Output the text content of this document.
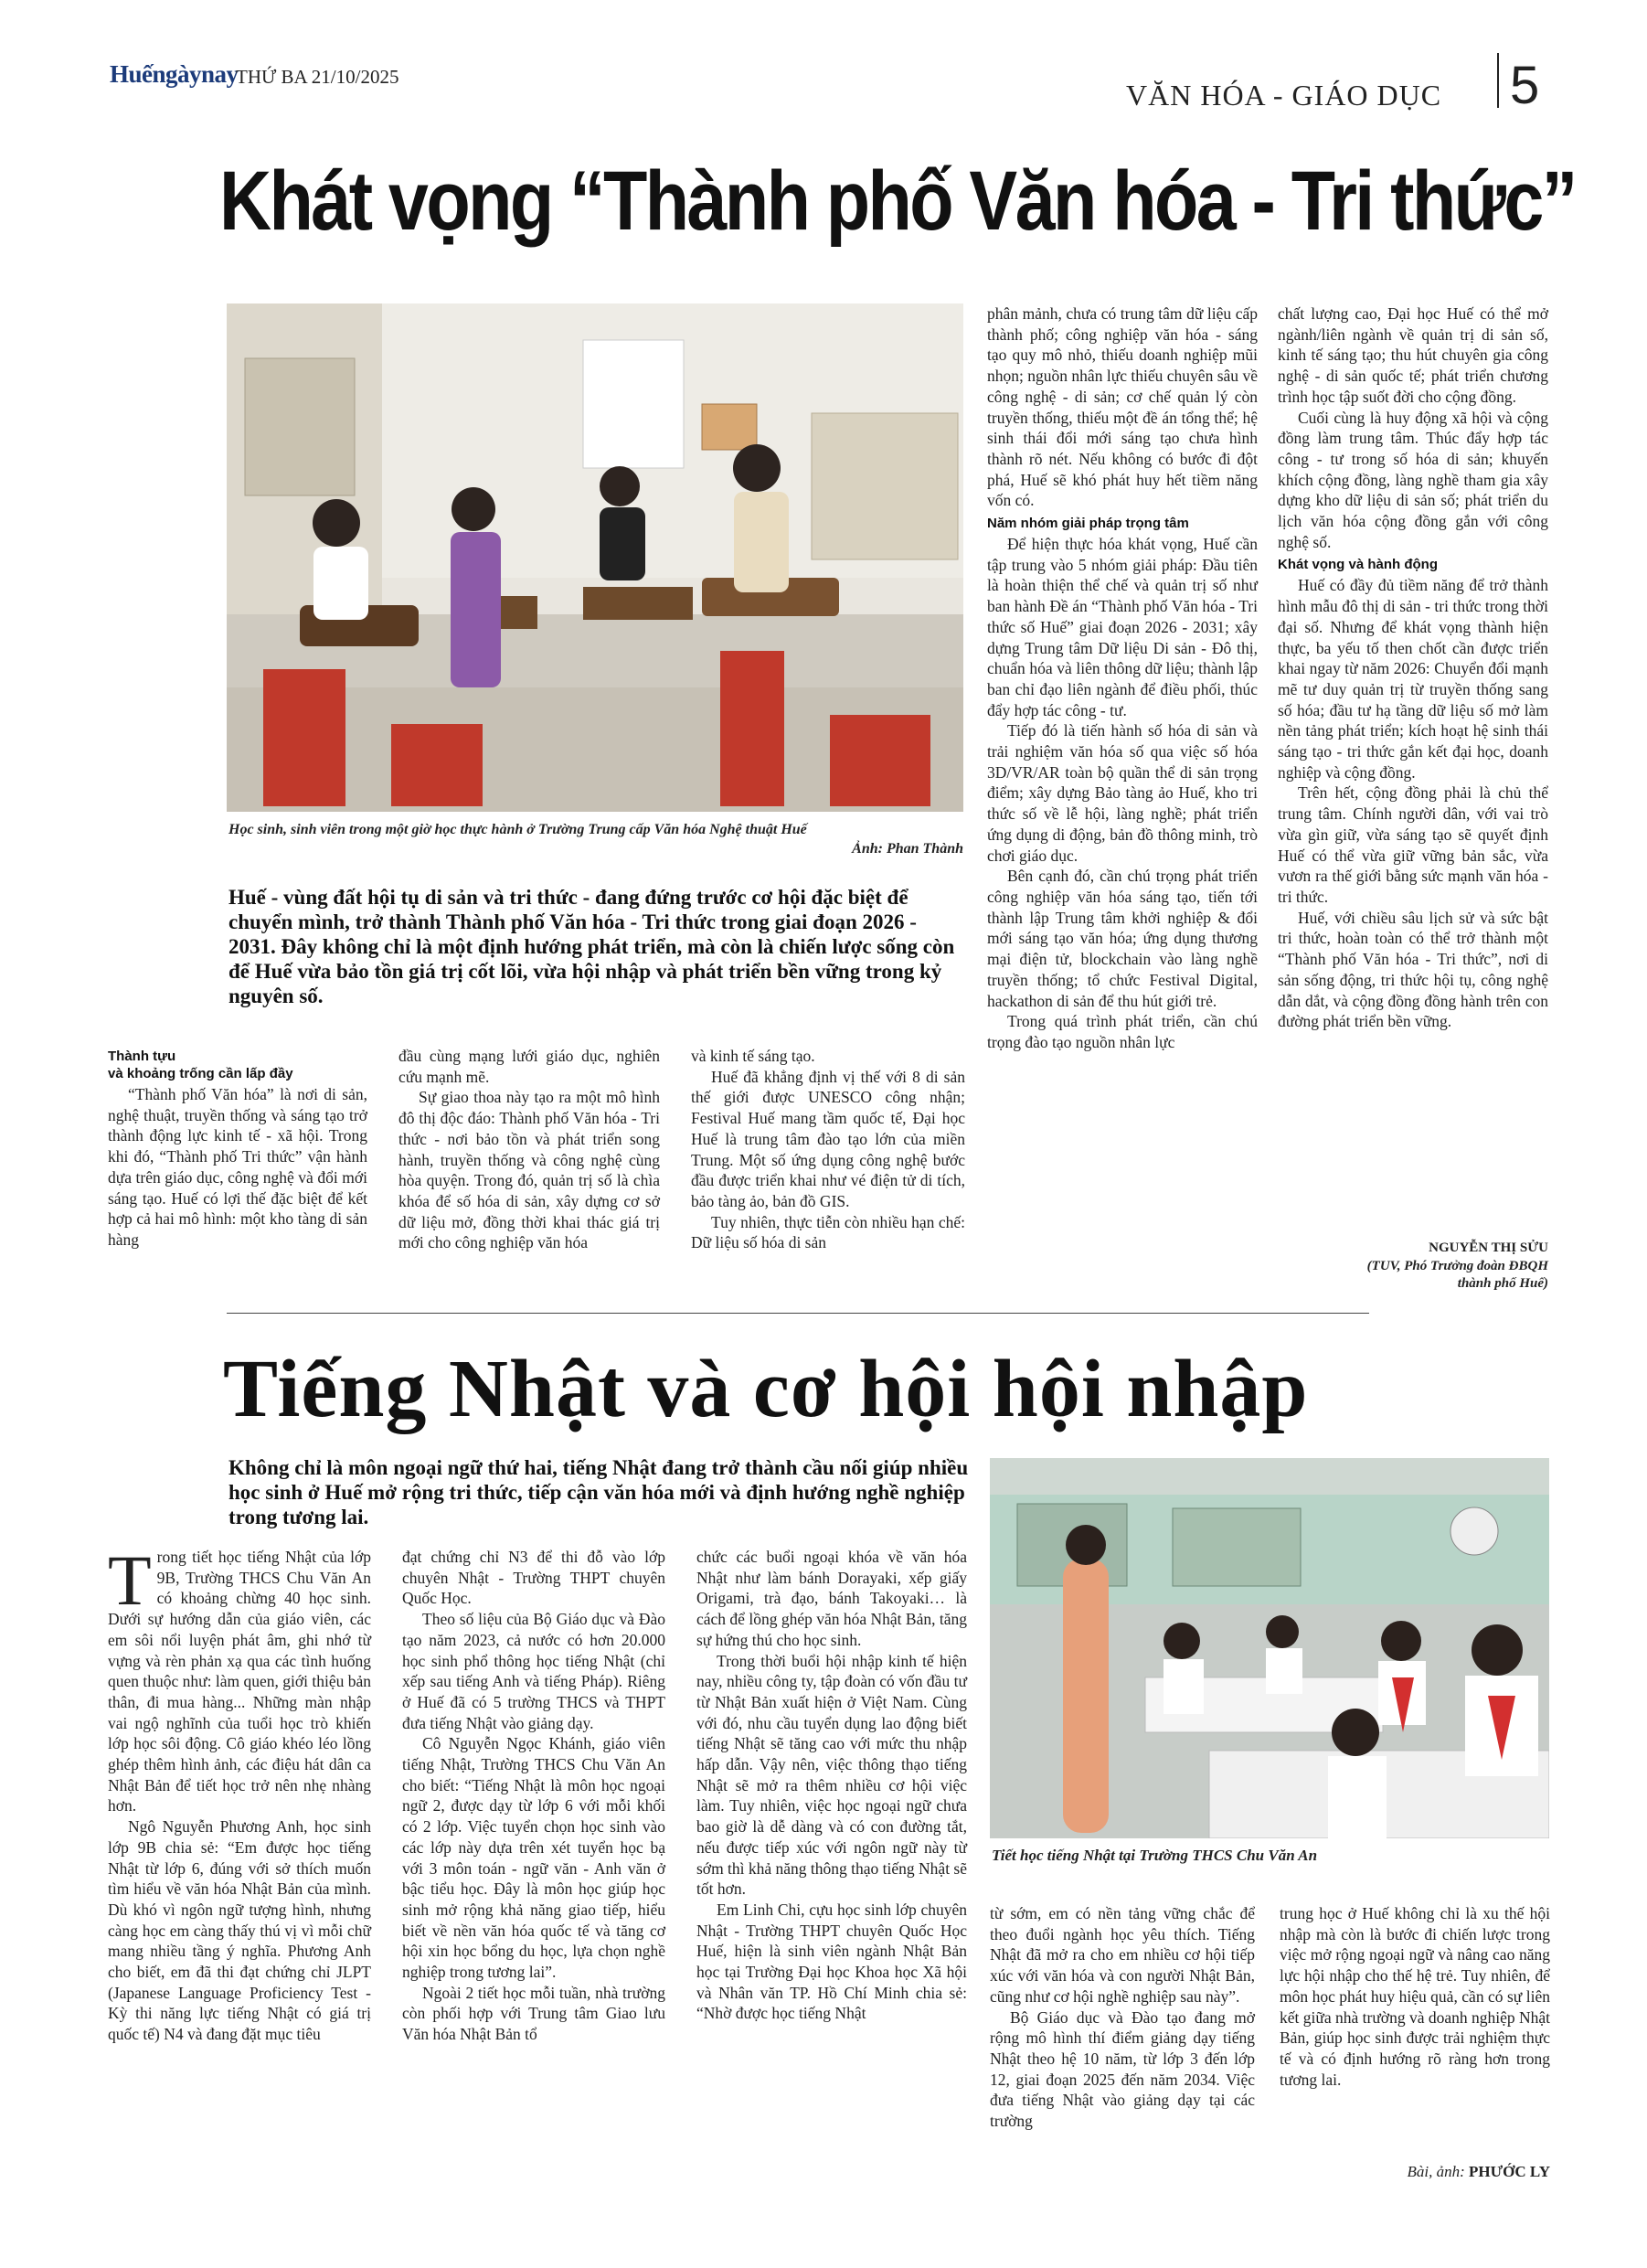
Huếngàynay
THỨ BA 21/10/2025
VĂN HÓA - GIÁO DỤC 5
Khát vọng “Thành phố Văn hóa - Tri thức”
Học sinh, sinh viên trong một giờ học thực hành ở Trường Trung cấp Văn hóa Nghệ thuật Huế
Ảnh: Phan Thành
Huế - vùng đất hội tụ di sản và tri thức - đang đứng trước cơ hội đặc biệt để chuyển mình, trở thành Thành phố Văn hóa - Tri thức trong giai đoạn 2026 - 2031. Đây không chỉ là một định hướng phát triển, mà còn là chiến lược sống còn để Huế vừa bảo tồn giá trị cốt lõi, vừa hội nhập và phát triển bền vững trong kỷ nguyên số.
Thành tựu
và khoảng trống cần lấp đầy

“Thành phố Văn hóa” là nơi di sản, nghệ thuật, truyền thống và sáng tạo trở thành động lực kinh tế - xã hội. Trong khi đó, “Thành phố Tri thức” vận hành dựa trên giáo dục, công nghệ và đổi mới sáng tạo. Huế có lợi thế đặc biệt để kết hợp cả hai mô hình: một kho tàng di sản hàng

đầu cùng mạng lưới giáo dục, nghiên cứu mạnh mẽ.

Sự giao thoa này tạo ra một mô hình đô thị độc đáo: Thành phố Văn hóa - Tri thức - nơi bảo tồn và phát triển song hành, truyền thống và công nghệ cùng hòa quyện. Trong đó, quản trị số là chìa khóa để số hóa di sản, xây dựng cơ sở dữ liệu mở, đồng thời khai thác giá trị mới cho công nghiệp văn hóa

và kinh tế sáng tạo.

Huế đã khẳng định vị thế với 8 di sản thế giới được UNESCO công nhận; Festival Huế mang tầm quốc tế, Đại học Huế là trung tâm đào tạo lớn của miền Trung. Một số ứng dụng công nghệ bước đầu được triển khai như vé điện tử di tích, bảo tàng ảo, bản đồ GIS.

Tuy nhiên, thực tiễn còn nhiều hạn chế: Dữ liệu số hóa di sản

phân mảnh, chưa có trung tâm dữ liệu cấp thành phố; công nghiệp văn hóa - sáng tạo quy mô nhỏ, thiếu doanh nghiệp mũi nhọn; nguồn nhân lực thiếu chuyên sâu về công nghệ - di sản; cơ chế quản lý còn truyền thống, thiếu một đề án tổng thể; hệ sinh thái đổi mới sáng tạo chưa hình thành rõ nét. Nếu không có bước đi đột phá, Huế sẽ khó phát huy hết tiềm năng vốn có.

Năm nhóm giải pháp trọng tâm

Để hiện thực hóa khát vọng, Huế cần tập trung vào 5 nhóm giải pháp: Đầu tiên là hoàn thiện thể chế và quản trị số như ban hành Đề án “Thành phố Văn hóa - Tri thức số Huế” giai đoạn 2026 - 2031; xây dựng Trung tâm Dữ liệu Di sản - Đô thị, chuẩn hóa và liên thông dữ liệu; thành lập ban chỉ đạo liên ngành để điều phối, thúc đẩy hợp tác công - tư.

Tiếp đó là tiến hành số hóa di sản và trải nghiệm văn hóa số qua việc số hóa 3D/VR/AR toàn bộ quần thể di sản trọng điểm; xây dựng Bảo tàng ảo Huế, kho tri thức số về lễ hội, làng nghề; phát triển ứng dụng di động, bản đồ thông minh, trò chơi giáo dục.

Bên cạnh đó, cần chú trọng phát triển công nghiệp văn hóa sáng tạo, tiến tới thành lập Trung tâm khởi nghiệp & đổi mới sáng tạo văn hóa; ứng dụng thương mại điện tử, blockchain vào làng nghề truyền thống; tổ chức Festival Digital, hackathon di sản để thu hút giới trẻ.

Trong quá trình phát triển, cần chú trọng đào tạo nguồn nhân lực

chất lượng cao, Đại học Huế có thể mở ngành/liên ngành về quản trị di sản số, kinh tế sáng tạo; thu hút chuyên gia công nghệ - di sản quốc tế; phát triển chương trình học tập suốt đời cho cộng đồng.

Cuối cùng là huy động xã hội và cộng đồng làm trung tâm. Thúc đẩy hợp tác công - tư trong số hóa di sản; khuyến khích cộng đồng, làng nghề tham gia xây dựng kho dữ liệu di sản số; phát triển du lịch văn hóa cộng đồng gắn với công nghệ số.

Khát vọng và hành động

Huế có đầy đủ tiềm năng để trở thành hình mẫu đô thị di sản - tri thức trong thời đại số. Nhưng để khát vọng thành hiện thực, ba yếu tố then chốt cần được triển khai ngay từ năm 2026: Chuyển đổi mạnh mẽ tư duy quản trị từ truyền thống sang số hóa; đầu tư hạ tầng dữ liệu số mở làm nền tảng phát triển; kích hoạt hệ sinh thái sáng tạo - tri thức gắn kết đại học, doanh nghiệp và cộng đồng.

Trên hết, cộng đồng phải là chủ thể trung tâm. Chính người dân, với vai trò vừa gìn giữ, vừa sáng tạo sẽ quyết định Huế có thể vừa giữ vững bản sắc, vừa vươn ra thế giới bằng sức mạnh văn hóa - tri thức.

Huế, với chiều sâu lịch sử và sức bật tri thức, hoàn toàn có thể trở thành một “Thành phố Văn hóa - Tri thức”, nơi di sản sống động, tri thức hội tụ, công nghệ dẫn dắt, và cộng đồng đồng hành trên con đường phát triển bền vững.

NGUYỄN THỊ SỬU
(TUV, Phó Trưởng đoàn ĐBQH thành phố Huế)
Tiếng Nhật và cơ hội hội nhập
Không chỉ là môn ngoại ngữ thứ hai, tiếng Nhật đang trở thành cầu nối giúp nhiều học sinh ở Huế mở rộng tri thức, tiếp cận văn hóa mới và định hướng nghề nghiệp trong tương lai.
Tiết học tiếng Nhật tại Trường THCS Chu Văn An

Trong tiết học tiếng Nhật của lớp 9B, Trường THCS Chu Văn An có khoảng chừng 40 học sinh. Dưới sự hướng dẫn của giáo viên, các em sôi nổi luyện phát âm, ghi nhớ từ vựng và rèn phản xạ qua các tình huống quen thuộc như: làm quen, giới thiệu bản thân, đi mua hàng... Những màn nhập vai ngộ nghĩnh của tuổi học trò khiến lớp học sôi động. Cô giáo khéo léo lồng ghép thêm hình ảnh, các điệu hát dân ca Nhật Bản để tiết học trở nên nhẹ nhàng hơn.

Ngô Nguyễn Phương Anh, học sinh lớp 9B chia sẻ: “Em được học tiếng Nhật từ lớp 6, đúng với sở thích muốn tìm hiểu về văn hóa Nhật Bản của mình. Dù khó vì ngôn ngữ tượng hình, nhưng càng học em càng thấy thú vị vì mỗi chữ mang nhiều tầng ý nghĩa. Phương Anh cho biết, em đã thi đạt chứng chỉ JLPT (Japanese Language Proficiency Test - Kỳ thi năng lực tiếng Nhật có giá trị quốc tế) N4 và đang đặt mục tiêu

đạt chứng chỉ N3 để thi đỗ vào lớp chuyên Nhật - Trường THPT chuyên Quốc Học.

Theo số liệu của Bộ Giáo dục và Đào tạo năm 2023, cả nước có hơn 20.000 học sinh phổ thông học tiếng Nhật (chỉ xếp sau tiếng Anh và tiếng Pháp). Riêng ở Huế đã có 5 trường THCS và THPT đưa tiếng Nhật vào giảng dạy.

Cô Nguyễn Ngọc Khánh, giáo viên tiếng Nhật, Trường THCS Chu Văn An cho biết: “Tiếng Nhật là môn học ngoại ngữ 2, được dạy từ lớp 6 với mỗi khối có 2 lớp. Việc tuyển chọn học sinh vào các lớp này dựa trên xét tuyển học bạ với 3 môn toán - ngữ văn - Anh văn ở bậc tiểu học. Đây là môn học giúp học sinh mở rộng khả năng giao tiếp, hiểu biết về nền văn hóa quốc tế và tăng cơ hội xin học bổng du học, lựa chọn nghề nghiệp trong tương lai”.

Ngoài 2 tiết học mỗi tuần, nhà trường còn phối hợp với Trung tâm Giao lưu Văn hóa Nhật Bản tổ

chức các buổi ngoại khóa về văn hóa Nhật như làm bánh Dorayaki, xếp giấy Origami, trà đạo, bánh Takoyaki… là cách để lồng ghép văn hóa Nhật Bản, tăng sự hứng thú cho học sinh.

Trong thời buổi hội nhập kinh tế hiện nay, nhiều công ty, tập đoàn có vốn đầu tư từ Nhật Bản xuất hiện ở Việt Nam. Cùng với đó, nhu cầu tuyển dụng lao động biết tiếng Nhật sẽ tăng cao với mức thu nhập hấp dẫn. Vậy nên, việc thông thạo tiếng Nhật sẽ mở ra thêm nhiều cơ hội việc làm. Tuy nhiên, việc học ngoại ngữ chưa bao giờ là dễ dàng và có con đường tắt, nếu được tiếp xúc với ngôn ngữ này từ sớm thì khả năng thông thạo tiếng Nhật sẽ tốt hơn.

Em Linh Chi, cựu học sinh lớp chuyên Nhật - Trường THPT chuyên Quốc Học Huế, hiện là sinh viên ngành Nhật Bản học tại Trường Đại học Khoa học Xã hội và Nhân văn TP. Hồ Chí Minh chia sẻ: “Nhờ được học tiếng Nhật

từ sớm, em có nền tảng vững chắc để theo đuổi ngành học yêu thích. Tiếng Nhật đã mở ra cho em nhiều cơ hội tiếp xúc với văn hóa và con người Nhật Bản, cũng như cơ hội nghề nghiệp sau này”.

Bộ Giáo dục và Đào tạo đang mở rộng mô hình thí điểm giảng dạy tiếng Nhật theo hệ 10 năm, từ lớp 3 đến lớp 12, giai đoạn 2025 đến năm 2034. Việc đưa tiếng Nhật vào giảng dạy tại các trường

trung học ở Huế không chỉ là xu thế hội nhập mà còn là bước đi chiến lược trong việc mở rộng ngoại ngữ và nâng cao năng lực hội nhập cho thế hệ trẻ. Tuy nhiên, để môn học phát huy hiệu quả, cần có sự liên kết giữa nhà trường và doanh nghiệp Nhật Bản, giúp học sinh được trải nghiệm thực tế và có định hướng rõ ràng hơn trong tương lai.

Bài, ảnh: PHƯỚC LY
